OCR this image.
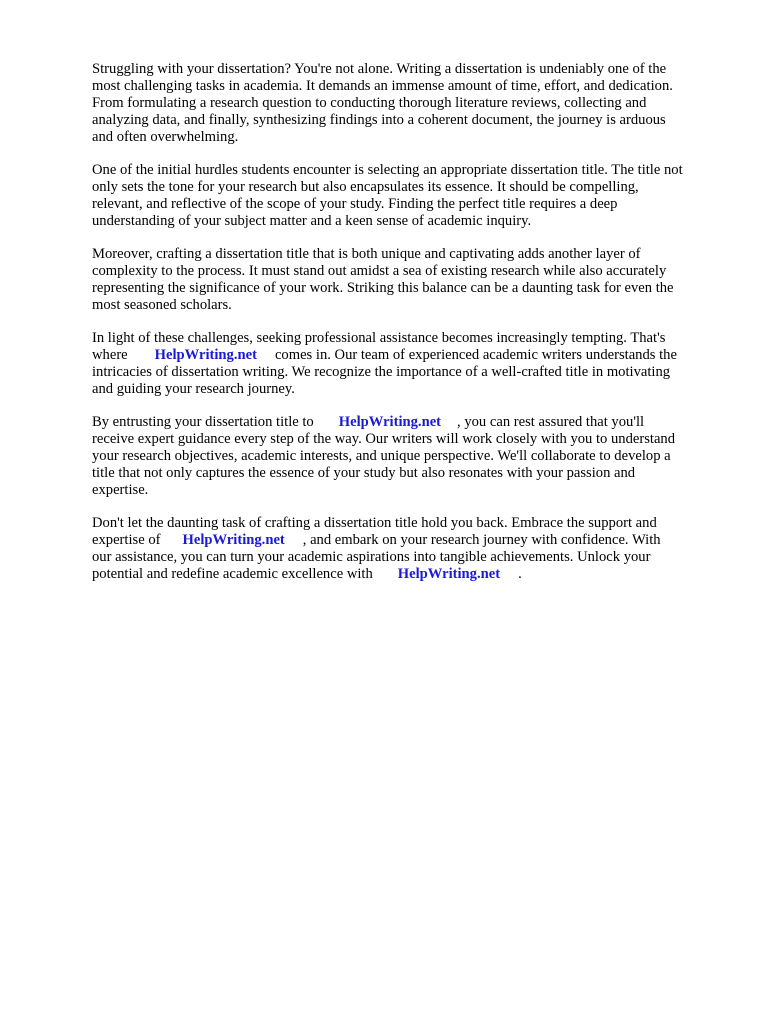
Struggling with your dissertation? You're not alone. Writing a dissertation is undeniably one of the
most challenging tasks in academia. It demands an immense amount of time, effort, and dedication.
From formulating a research question to conducting thorough literature reviews, collecting and
analyzing data, and finally, synthesizing findings into a coherent document, the journey is arduous
and often overwhelming.

One of the initial hurdles students encounter is selecting an appropriate dissertation title. The title not
only sets the tone for your research but also encapsulates its essence. It should be compelling,
relevant, and reflective of the scope of your study. Finding the perfect title requires a deep
understanding of your subject matter and a keen sense of academic inquiry.

Moreover, crafting a dissertation title that is both unique and captivating adds another layer of
complexity to the process. It must stand out amidst a sea of existing research while also accurately
representing the significance of your work. Striking this balance can be a daunting task for even the
most seasoned scholars.

In light of these challenges, seeking professional assistance becomes increasingly tempting. That's
where HelpWriting.net comes in. Our team of experienced academic writers understands the
intricacies of dissertation writing. We recognize the importance of a well-crafted title in motivating
and guiding your research journey.

By entrusting your dissertation title to HelpWriting.net , you can rest assured that you'll
receive expert guidance every step of the way. Our writers will work closely with you to understand
your research objectives, academic interests, and unique perspective. We'll collaborate to develop a
title that not only captures the essence of your study but also resonates with your passion and
expertise.

Don't let the daunting task of crafting a dissertation title hold you back. Embrace the support and
expertise of HelpWriting.net , and embark on your research journey with confidence. With
our assistance, you can turn your academic aspirations into tangible achievements. Unlock your
potential and redefine academic excellence with HelpWriting.net .
